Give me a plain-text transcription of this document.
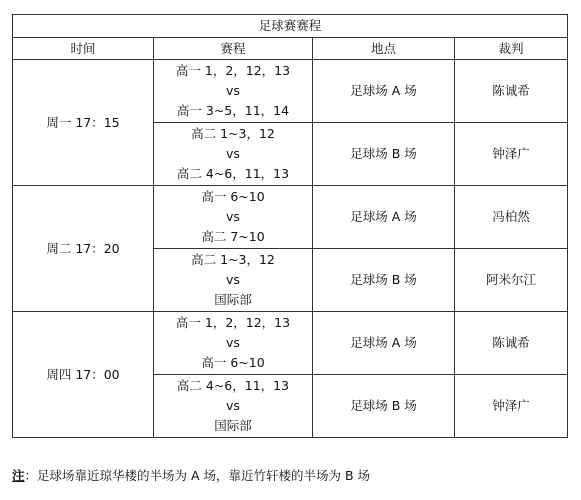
足球赛赛程			
时间	赛程	地点	裁判
周一 17：15	高一 1，2，12，13
vs
高一 3~5，11，14	足球场 A 场	陈诚希

	高二 1~3，12
vs
高二 4~6，11，13	足球场 B 场	钟泽广
周二 17：20	高一 6~10
vs
高二 7~10	足球场 A 场	冯柏然

	高二 1~3，12
vs
国际部	足球场 B 场	阿米尔江
周四 17：00	高一 1，2，12，13
vs
高一 6~10	足球场 A 场	陈诚希

	高二 4~6，11，13
vs
国际部	足球场 B 场	钟泽广
注：足球场靠近琼华楼的半场为 A 场，靠近竹轩楼的半场为 B 场
